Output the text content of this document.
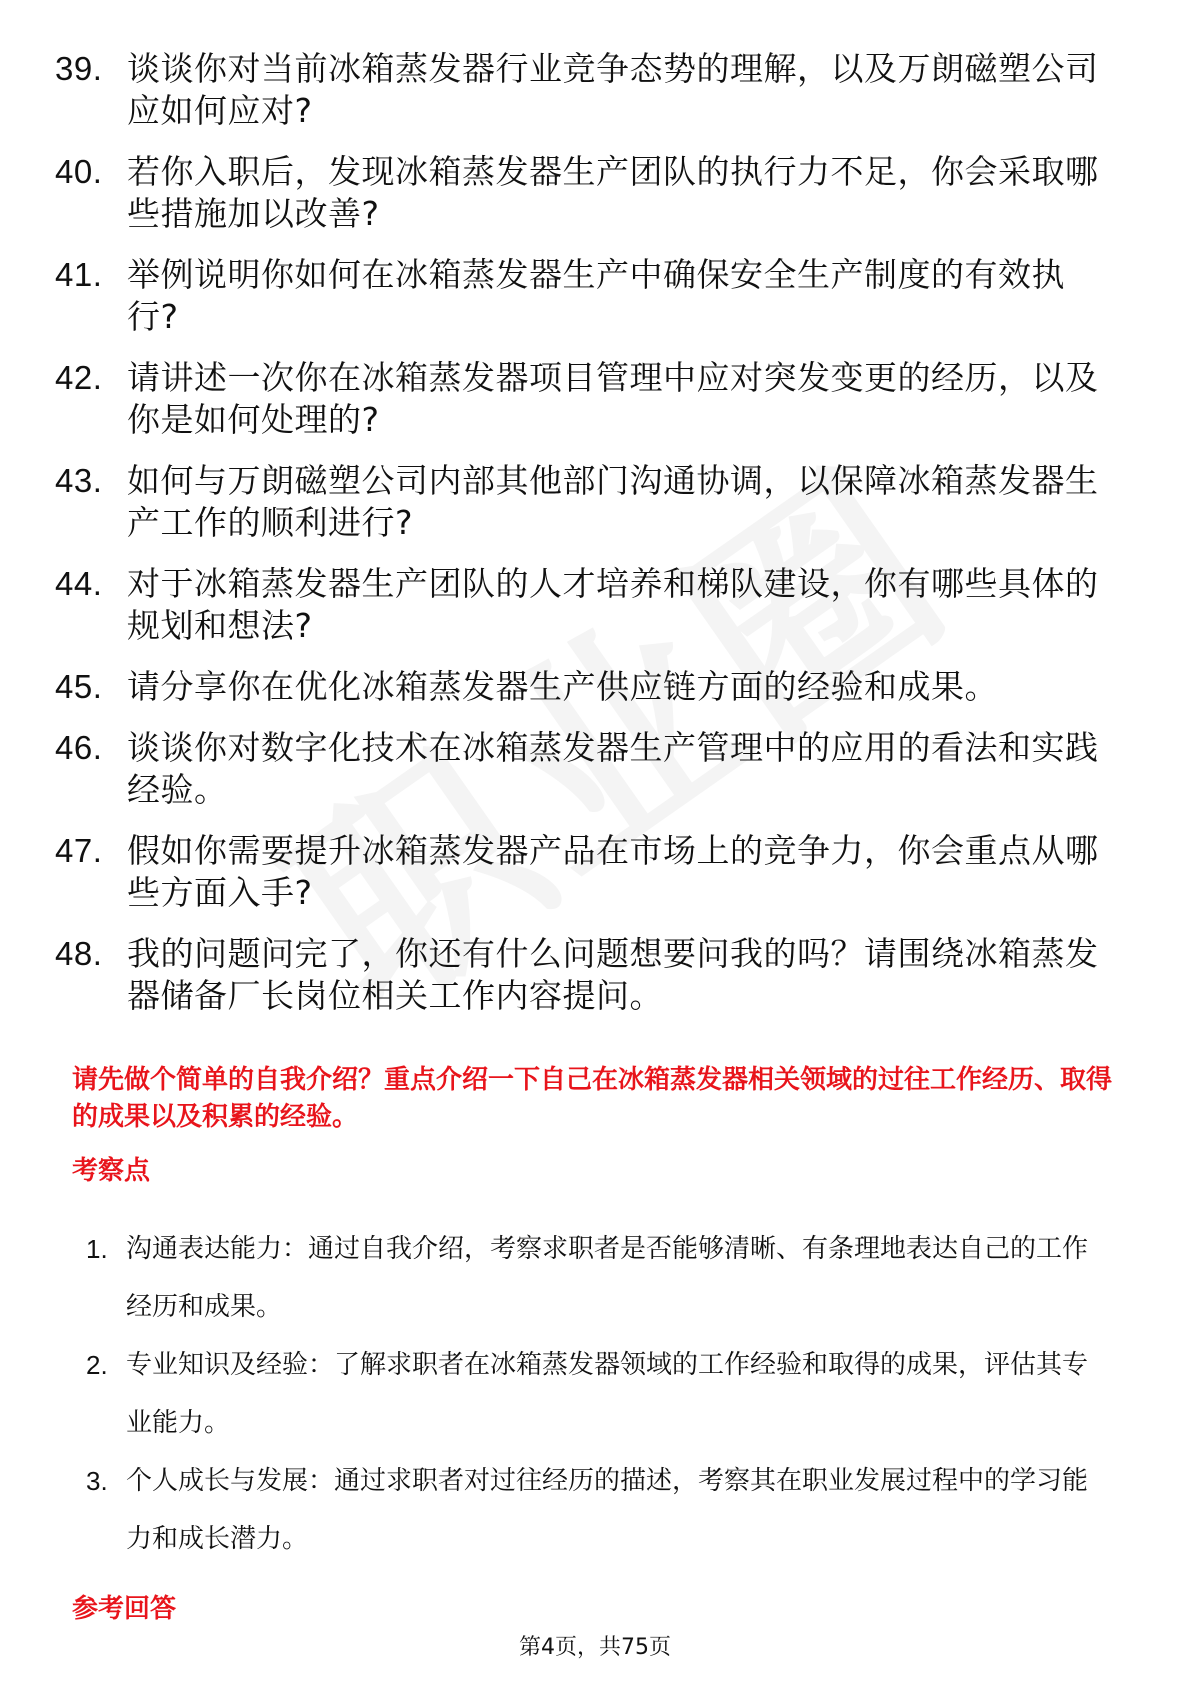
39. 谈谈你对当前冰箱蒸发器行业竞争态势的理解，以及万朗磁塑公司应如何应对?
40. 若你入职后，发现冰箱蒸发器生产团队的执行力不足，你会采取哪些措施加以改善?
41. 举例说明你如何在冰箱蒸发器生产中确保安全生产制度的有效执行?
42. 请讲述一次你在冰箱蒸发器项目管理中应对突发变更的经历，以及你是如何处理的?
43. 如何与万朗磁塑公司内部其他部门沟通协调，以保障冰箱蒸发器生产工作的顺利进行?
44. 对于冰箱蒸发器生产团队的人才培养和梯队建设，你有哪些具体的规划和想法?
45. 请分享你在优化冰箱蒸发器生产供应链方面的经验和成果。
46. 谈谈你对数字化技术在冰箱蒸发器生产管理中的应用的看法和实践经验。
47. 假如你需要提升冰箱蒸发器产品在市场上的竞争力，你会重点从哪些方面入手?
48. 我的问题问完了，你还有什么问题想要问我的吗？请围绕冰箱蒸发器储备厂长岗位相关工作内容提问。

请先做个简单的自我介绍？重点介绍一下自己在冰箱蒸发器相关领域的过往工作经历、取得的成果以及积累的经验。

考察点
1. 沟通表达能力：通过自我介绍，考察求职者是否能够清晰、有条理地表达自己的工作经历和成果。
2. 专业知识及经验：了解求职者在冰箱蒸发器领域的工作经验和取得的成果，评估其专业能力。
3. 个人成长与发展：通过求职者对过往经历的描述，考察其在职业发展过程中的学习能力和成长潜力。
参考回答
第4页，共75页
